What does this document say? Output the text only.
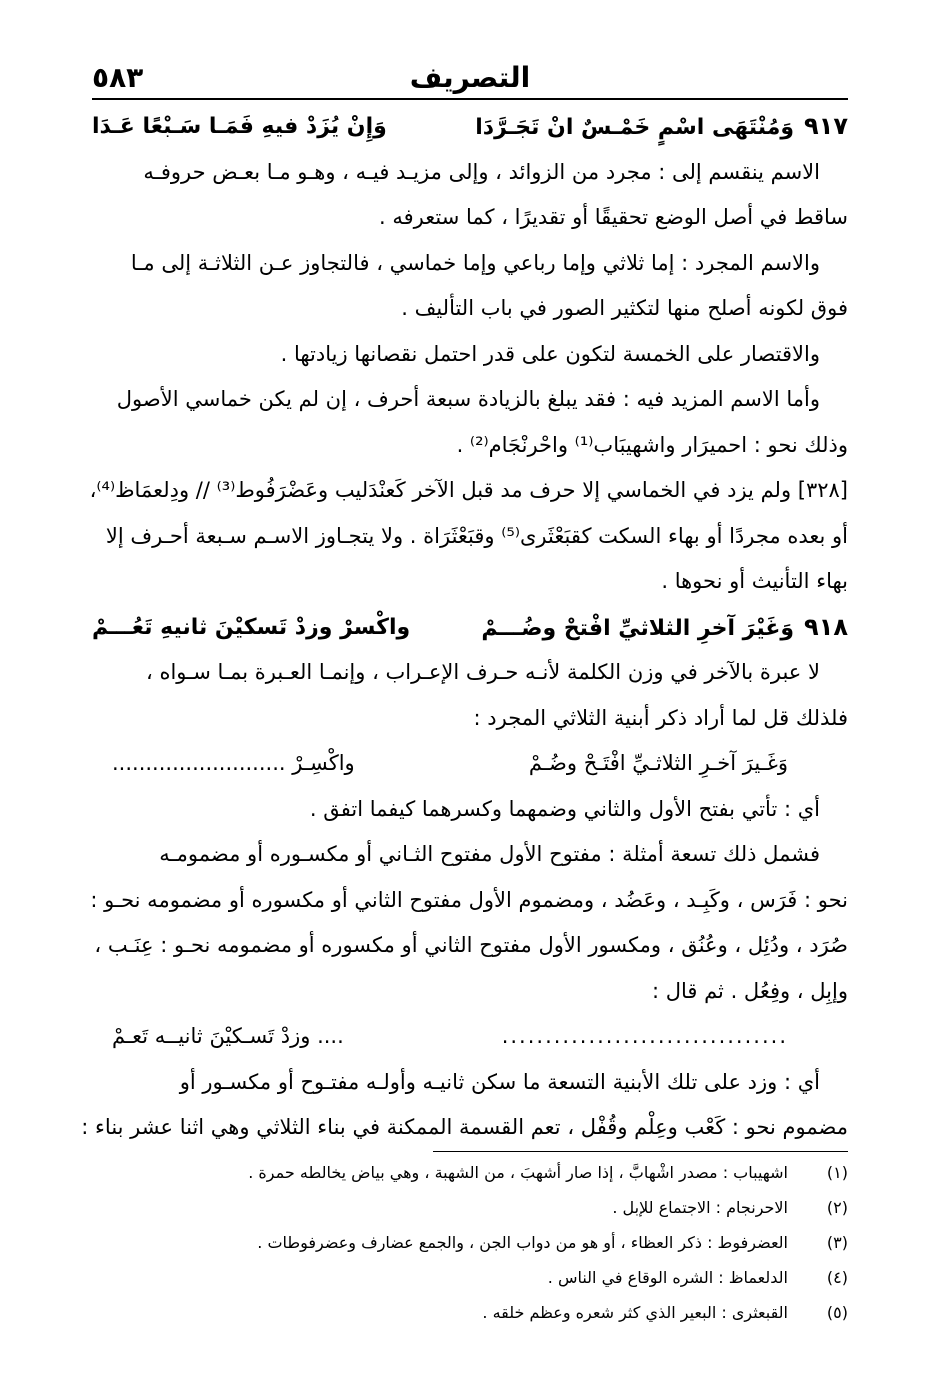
التصريف
٥٨٣
٩١٧وَمُنْتَهَى اسْمٍ خَمْـسٌ انْ تَجَـرَّدَا
وَإِنْ يُزَدْ فيهِ فَمَـا سَـبْعًا عَـدَا
الاسم ينقسم إلى : مجرد من الزوائد ، وإلى مزيـد فيـه ، وهـو مـا بعـض حروفـه
ساقط في أصل الوضع تحقيقًا أو تقديرًا ، كما ستعرفه .
والاسم المجرد : إما ثلاثي وإما رباعي وإما خماسي ، فالتجاوز عـن الثلاثـة إلى مـا
فوق لكونه أصلح منها لتكثير الصور في باب التأليف .
والاقتصار على الخمسة لتكون على قدر احتمل نقصانها زيادتها .
وأما الاسم المزيد فيه : فقد يبلغ بالزيادة سبعة أحرف ، إن لم يكن خماسي الأصول
وذلك نحو : احميرَار واشهيبَاب⁽¹⁾ واحْرنْجَام⁽²⁾ .
[٣٢٨] ولم يزد في الخماسي إلا حرف مد قبل الآخر كَعنْدَليب وعَضْرَفُوط⁽³⁾ // ودِلعمَاظ⁽⁴⁾،
أو بعده مجردًا أو بهاء السكت كقبَعْثَرى⁽⁵⁾ وقبَعْثَرَاة . ولا يتجـاوز الاسـم سـبعة أحـرف إلا
بهاء التأنيث أو نحوها .
٩١٨وَغَيْرَ آخرِ الثلاثيِّ افْتحْ وضُـــمْ
واكْسرْ وزدْ تَسكيْنَ ثانيهِ تَعُـــمْ
لا عبرة بالآخر في وزن الكلمة لأنـه حـرف الإعـراب ، وإنمـا العـبرة بمـا سـواه ،
فلذلك قل لما أراد ذكر أبنية الثلاثي المجرد :
وَغَـيرَ آخـرِ الثلاثـيِّ افْتَـحْ وضُـمْ
واكْسِـرْ ..........................
أي : تأتي بفتح الأول والثاني وضمهما وكسرهما كيفما اتفق .
فشمل ذلك تسعة أمثلة : مفتوح الأول مفتوح الثـاني أو مكسـوره أو مضمومـه
نحو : فَرَس ، وكَبِـد ، وعَضُد ، ومضموم الأول مفتوح الثاني أو مكسوره أو مضمومه نحـو :
صُرَد ، ودُئِل ، وعُنُق ، ومكسور الأول مفتوح الثاني أو مكسوره أو مضمومه نحـو : عِنَـب ،
وإبِل ، وفِعُل . ثم قال :
.................................
.... وزدْ تَسـكيْنَ ثانيــه تَعـمْ
أي : وزد على تلك الأبنية التسعة ما سكن ثانيـه وأولـه مفتـوح أو مكسـور أو
مضموم نحو : كَعْب وعِلْم وقُفْل ، تعم القسمة الممكنة في بناء الثلاثي وهي اثنا عشر بناء :
(١)
اشهيباب : مصدر اشْهابَّ ، إذا صار أشهبَ ، من الشهبة ، وهي بياض يخالطه حمرة .
(٢)
الاحرنجام : الاجتماع للإبل .
(٣)
العضرفوط : ذكر العظاء ، أو هو من دواب الجن ، والجمع عضارف وعضرفوطات .
(٤)
الدلعماظ : الشره الوقاع في الناس .
(٥)
القبعثرى : البعير الذي كثر شعره وعظم خلقه .
